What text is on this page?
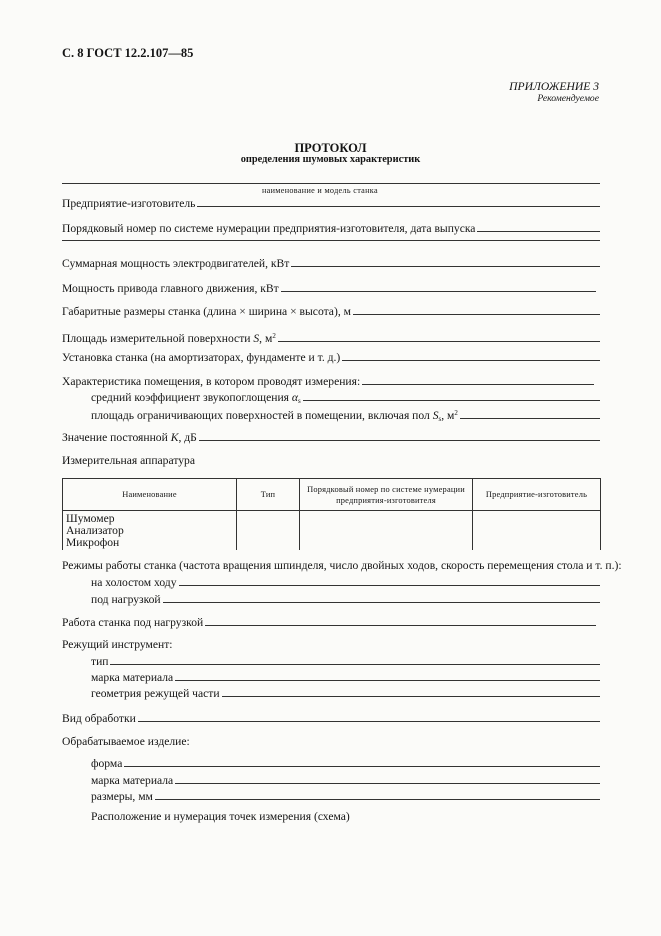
С. 8 ГОСТ 12.2.107—85
ПРИЛОЖЕНИЕ 3
Рекомендуемое
ПРОТОКОЛ
определения шумовых характеристик
наименование и модель станка
Предприятие-изготовитель
Порядковый номер по системе нумерации предприятия-изготовителя, дата выпуска
Суммарная мощность электродвигателей, кВт
Мощность привода главного движения, кВт
Габаритные размеры станка (длина × ширина × высота), м
Площадь измерительной поверхности S, $м^2$
Установка станка (на амортизаторах, фундаменте и т. д.)
Характеристика помещения, в котором проводят измерения:
средний коэффициент звукопоглощения $\alpha_s$
площадь ограничивающих поверхностей в помещении, включая пол $S_s$, $м^2$
Значение постоянной K, дБ
Измерительная аппаратура
Наименование	Тип	Порядковый номер по системе нумерации предприятия-изготовителя	Предприятие-изготовитель

Шумомер
Анализатор
Микрофон			

Режимы работы станка (частота вращения шпинделя, число двойных ходов, скорость перемещения стола и т. п.):
на холостом ходу
под нагрузкой
Работа станка под нагрузкой
Режущий инструмент:
тип
марка материала
геометрия режущей части
Вид обработки
Обрабатываемое изделие:
форма
марка материала
размеры, мм
Расположение и нумерация точек измерения (схема)
